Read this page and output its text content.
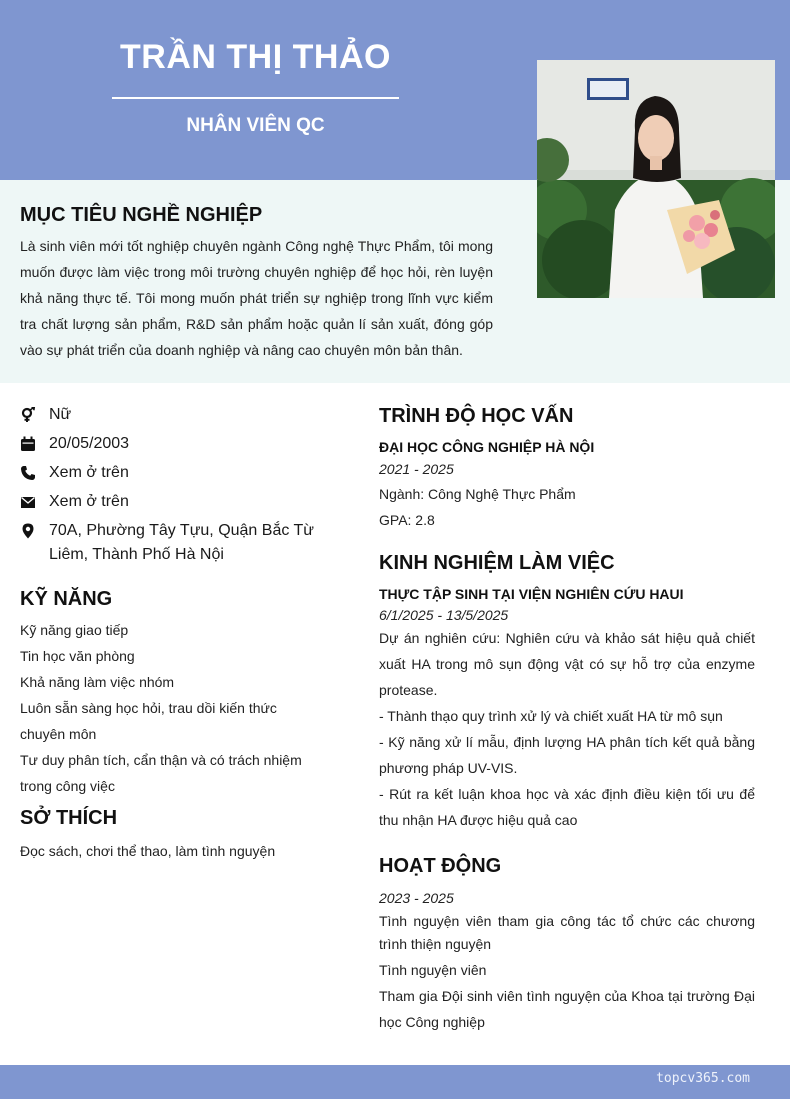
TRẦN THỊ THẢO
NHÂN VIÊN QC
MỤC TIÊU NGHỀ NGHIỆP
Là sinh viên mới tốt nghiệp chuyên ngành Công nghệ Thực Phẩm, tôi mong muốn được làm việc trong môi trường chuyên nghiệp để học hỏi, rèn luyện khả năng thực tế. Tôi mong muốn phát triển sự nghiệp trong lĩnh vực kiểm tra chất lượng sản phẩm, R&D sản phẩm hoặc quản lí sản xuất, đóng góp vào sự phát triển của doanh nghiệp và nâng cao chuyên môn bản thân.
Nữ
20/05/2003
Xem ở trên
Xem ở trên
70A, Phường Tây Tựu, Quận Bắc Từ Liêm, Thành Phố Hà Nội
KỸ NĂNG
Kỹ năng giao tiếp
Tin học văn phòng
Khả năng làm việc nhóm
Luôn sẵn sàng học hỏi, trau dồi kiến thức chuyên môn
Tư duy phân tích, cẩn thận và có trách nhiệm trong công việc
SỞ THÍCH
Đọc sách, chơi thể thao, làm tình nguyện
TRÌNH ĐỘ HỌC VẤN
ĐẠI HỌC CÔNG NGHIỆP HÀ NỘI
2021 - 2025
Ngành: Công Nghệ Thực Phẩm
GPA: 2.8
KINH NGHIỆM LÀM VIỆC
THỰC TẬP SINH TẠI VIỆN NGHIÊN CỨU HAUI
6/1/2025 - 13/5/2025
Dự án nghiên cứu: Nghiên cứu và khảo sát hiệu quả chiết xuất HA trong mô sụn động vật có sự hỗ trợ của enzyme protease.
- Thành thạo quy trình xử lý và chiết xuất HA từ mô sụn
- Kỹ năng xử lí mẫu, định lượng HA phân tích kết quả bằng phương pháp UV-VIS.
- Rút ra kết luận khoa học và xác định điều kiện tối ưu để thu nhận HA được hiệu quả cao
HOẠT ĐỘNG
2023 - 2025
Tình nguyện viên tham gia công tác tổ chức các chương trình thiện nguyện
Tình nguyện viên
Tham gia Đội sinh viên tình nguyện của Khoa tại trường Đại học Công nghiệp
topcv365.com
